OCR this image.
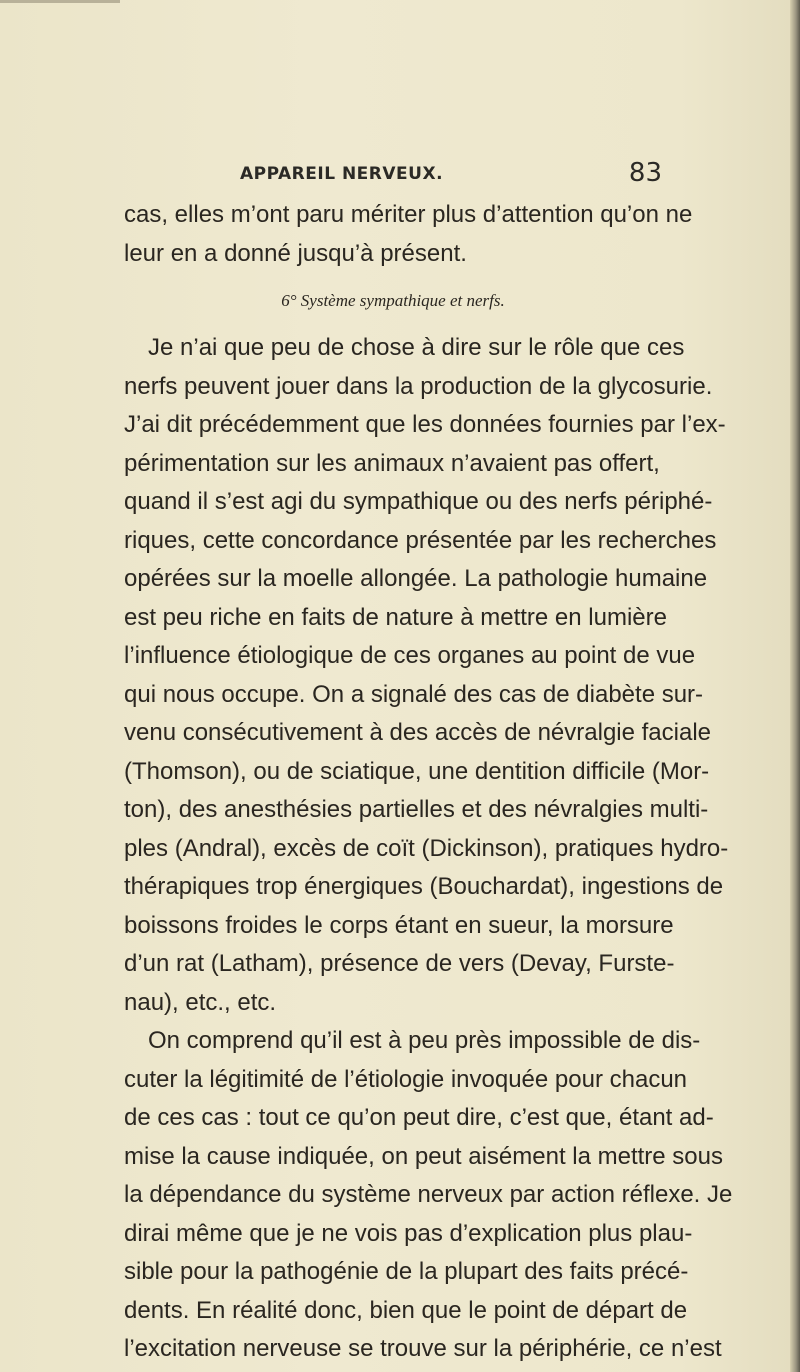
APPAREIL NERVEUX.	83
cas, elles m’ont paru mériter plus d’attention qu’on ne
leur en a donné jusqu’à présent.
6° Système sympathique et nerfs.
Je n’ai que peu de chose à dire sur le rôle que ces
nerfs peuvent jouer dans la production de la glycosurie.
J’ai dit précédemment que les données fournies par l’ex-
périmentation sur les animaux n’avaient pas offert,
quand il s’est agi du sympathique ou des nerfs périphé-
riques, cette concordance présentée par les recherches
opérées sur la moelle allongée. La pathologie humaine
est peu riche en faits de nature à mettre en lumière
l’influence étiologique de ces organes au point de vue
qui nous occupe. On a signalé des cas de diabète sur-
venu consécutivement à des accès de névralgie faciale
(Thomson), ou de sciatique, une dentition difficile (Mor-
ton), des anesthésies partielles et des névralgies multi-
ples (Andral), excès de coït (Dickinson), pratiques hydro-
thérapiques trop énergiques (Bouchardat), ingestions de
boissons froides le corps étant en sueur, la morsure
d’un rat (Latham), présence de vers (Devay, Furste-
nau), etc., etc.
On comprend qu’il est à peu près impossible de dis-
cuter la légitimité de l’étiologie invoquée pour chacun
de ces cas : tout ce qu’on peut dire, c’est que, étant ad-
mise la cause indiquée, on peut aisément la mettre sous
la dépendance du système nerveux par action réflexe. Je
dirai même que je ne vois pas d’explication plus plau-
sible pour la pathogénie de la plupart des faits précé-
dents. En réalité donc, bien que le point de départ de
l’excitation nerveuse se trouve sur la périphérie, ce n’est
